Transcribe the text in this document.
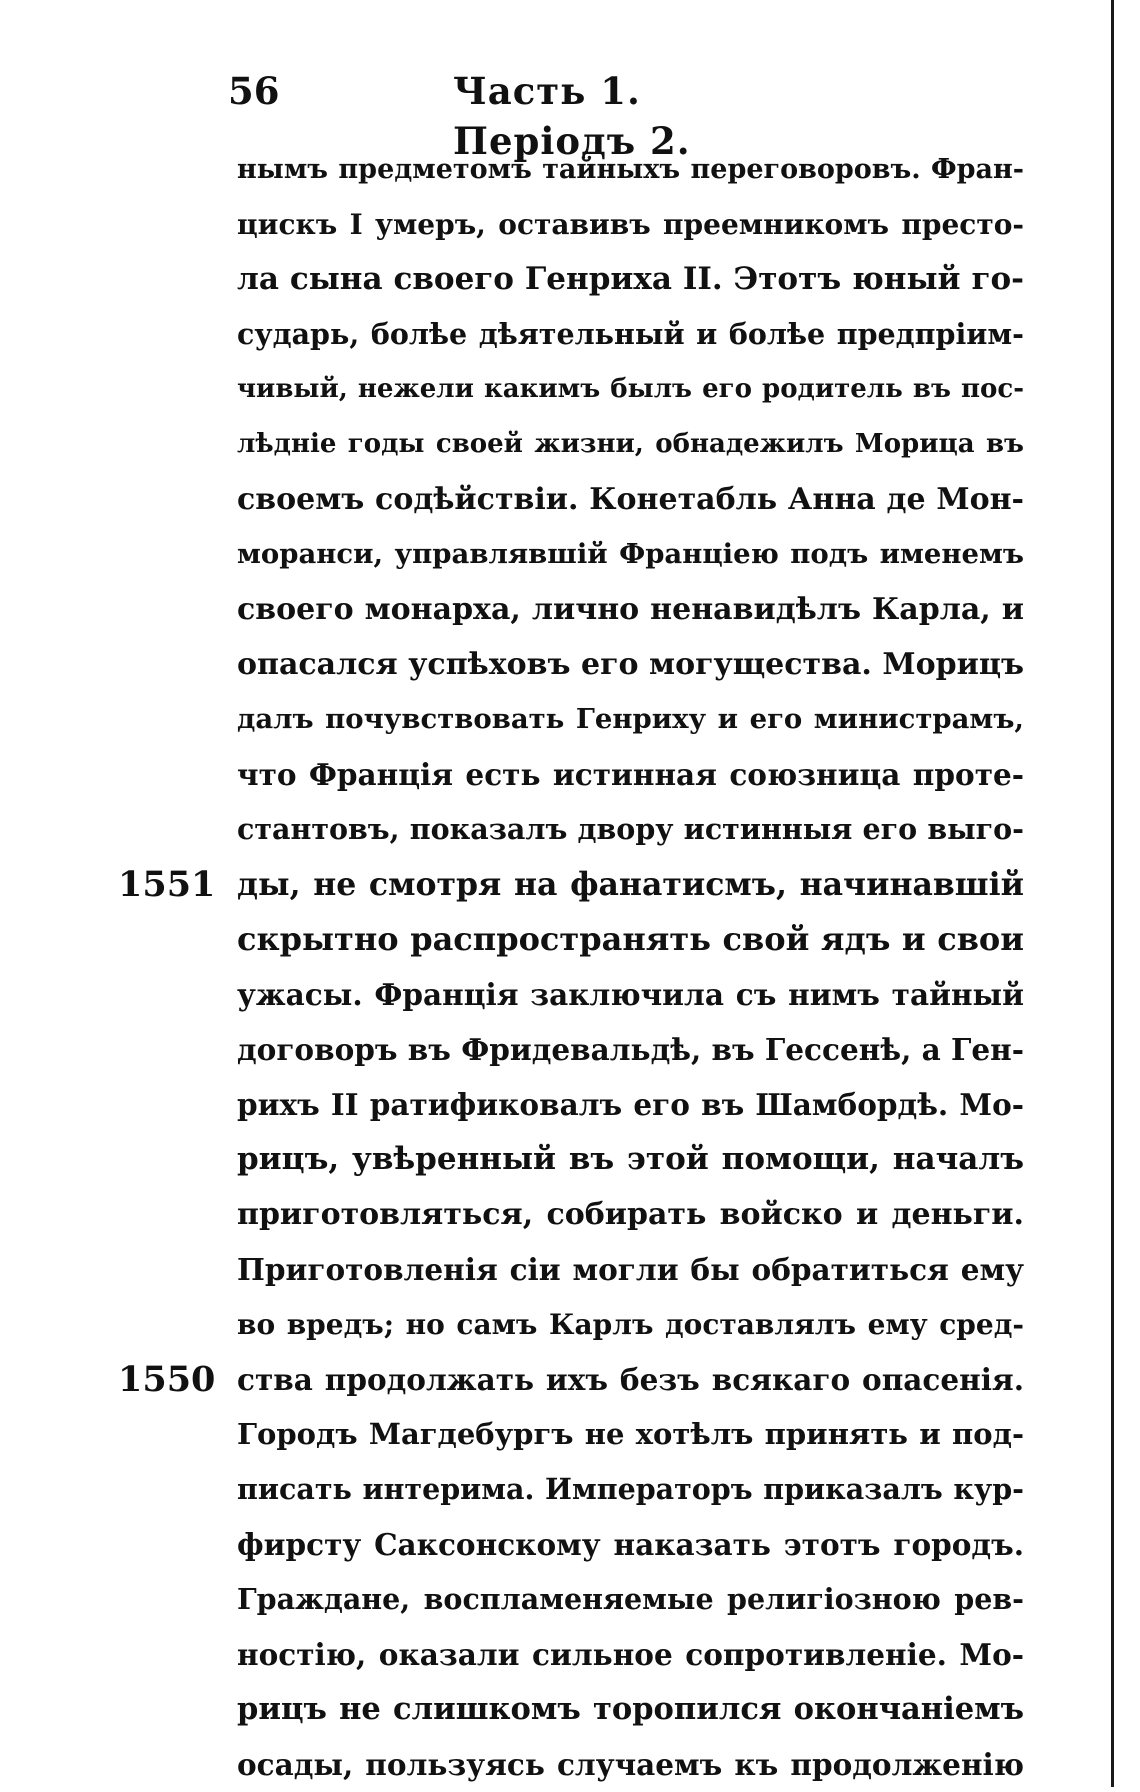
56	Часть 1. Періодъ 2.
1551
1550
нымъ предметомъ тайныхъ переговоровъ. Фран-
цискъ I умеръ, оставивъ преемникомъ престо-
ла сына своего Генриха II. Этотъ юный го-
сударь, болѣе дѣятельный и болѣе предпріим-
чивый, нежели какимъ былъ его родитель въ пос-
лѣдніе годы своей жизни, обнадежилъ Морица въ
своемъ содѣйствіи. Конетабль Анна де Мон-
моранси, управлявшій Франціею подъ именемъ
своего монарха, лично ненавидѣлъ Карла, и
опасался успѣховъ его могущества. Морицъ
далъ почувствовать Генриху и его министрамъ,
что Франція есть истинная союзница проте-
стантовъ, показалъ двору истинныя его выго-
ды, не смотря на фанатисмъ, начинавшій
скрытно распространять свой ядъ и свои
ужасы. Франція заключила съ нимъ тайный
договоръ въ Фридевальдѣ, въ Гессенѣ, а Ген-
рихъ II ратификовалъ его въ Шамбордѣ. Мо-
рицъ, увѣренный въ этой помощи, началъ
приготовляться, собирать войско и деньги.
Приготовленія сіи могли бы обратиться ему
во вредъ; но самъ Карлъ доставлялъ ему сред-
ства продолжать ихъ безъ всякаго опасенія.
Городъ Магдебургъ не хотѣлъ принять и под-
писать интерима. Императоръ приказалъ кур-
фирсту Саксонскому наказать этотъ городъ.
Граждане, воспламеняемые религіозною рев-
ностію, оказали сильное сопротивленіе. Мо-
рицъ не слишкомъ торопился окончаніемъ
осады, пользуясь случаемъ къ продолженію
